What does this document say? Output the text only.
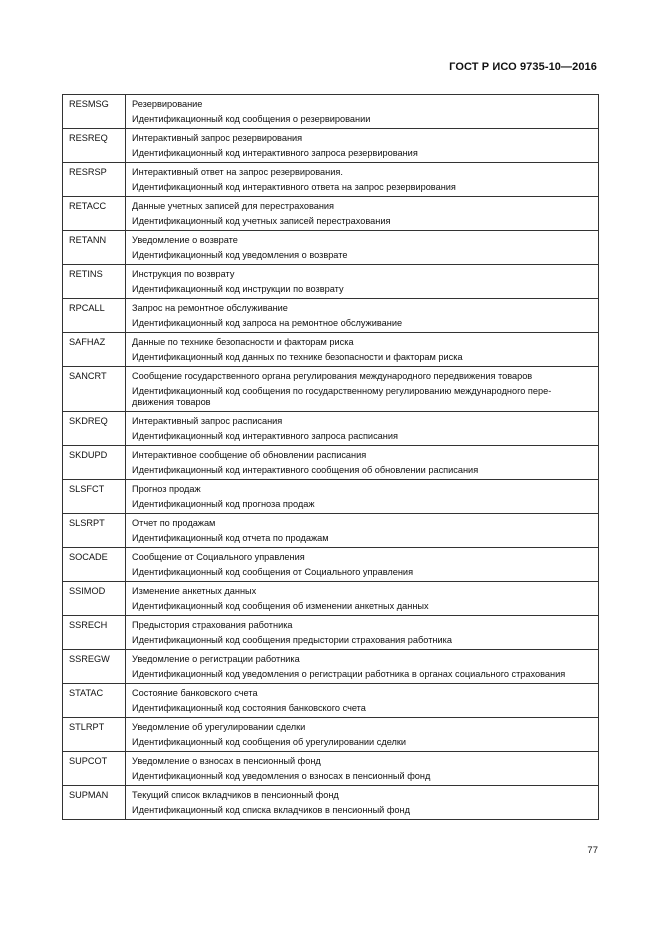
ГОСТ Р ИСО 9735-10—2016
RESMSG	Резервирование
Идентификационный код сообщения о резервировании

RESREQ	Интерактивный запрос резервирования
Идентификационный код интерактивного запроса резервирования

RESRSP	Интерактивный ответ на запрос резервирования.
Идентификационный код интерактивного ответа на запрос резервирования

RETACC	Данные учетных записей для перестрахования
Идентификационный код учетных записей перестрахования

RETANN	Уведомление о возврате
Идентификационный код уведомления о возврате

RETINS	Инструкция по возврату
Идентификационный код инструкции по возврату

RPCALL	Запрос на ремонтное обслуживание
Идентификационный код запроса на ремонтное обслуживание

SAFHAZ	Данные по технике безопасности и факторам риска
Идентификационный код данных по технике безопасности и факторам риска

SANCRT	Сообщение государственного органа регулирования международного передвижения товаров
Идентификационный код сообщения по государственному регулированию международного пере-
движения товаров

SKDREQ	Интерактивный запрос расписания
Идентификационный код интерактивного запроса расписания

SKDUPD	Интерактивное сообщение об обновлении расписания
Идентификационный код интерактивного сообщения об обновлении расписания

SLSFCT	Прогноз продаж
Идентификационный код прогноза продаж

SLSRPT	Отчет по продажам
Идентификационный код отчета по продажам

SOCADE	Сообщение от Социального управления
Идентификационный код сообщения от Социального управления

SSIMOD	Изменение анкетных данных
Идентификационный код сообщения об изменении анкетных данных

SSRECH	Предыстория страхования работника
Идентификационный код сообщения предыстории страхования работника

SSREGW	Уведомление о регистрации работника
Идентификационный код уведомления о регистрации работника в органах социального страхования

STATAC	Состояние банковского счета
Идентификационный код состояния банковского счета

STLRPT	Уведомление об урегулировании сделки
Идентификационный код сообщения об урегулировании сделки

SUPCOT	Уведомление о взносах в пенсионный фонд
Идентификационный код уведомления о взносах в пенсионный фонд

SUPMAN	Текущий список вкладчиков в пенсионный фонд
Идентификационный код списка вкладчиков в пенсионный фонд
77
